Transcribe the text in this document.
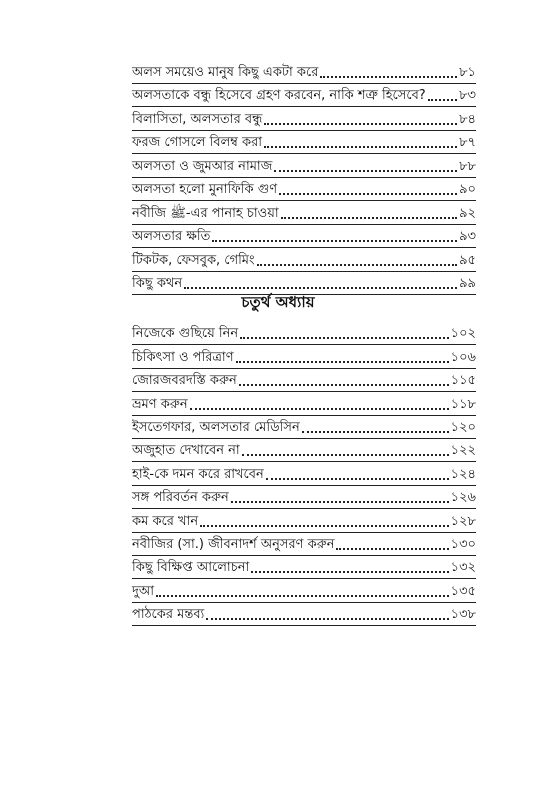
অলস সময়েও মানুষ কিছু একটা করে	৮১
অলসতাকে বন্ধু হিসেবে গ্রহণ করবেন, নাকি শত্রু হিসেবে?	৮৩
বিলাসিতা, অলসতার বন্ধু	৮৪
ফরজ গোসলে বিলম্ব করা	৮৭
অলসতা ও জুমআর নামাজ	৮৮
অলসতা হলো মুনাফিকি গুণ	৯০
নবীজি ﷺ-এর পানাহ চাওয়া	৯২
অলসতার ক্ষতি	৯৩
টিকটক, ফেসবুক, গেমিং	৯৫
কিছু কথন	৯৯
চতুর্থ অধ্যায়
নিজেকে গুছিয়ে নিন	১০২
চিকিৎসা ও পরিত্রাণ	১০৬
জোরজবরদস্তি করুন	১১৫
ভ্রমণ করুন	১১৮
ইসতেগফার, অলসতার মেডিসিন	১২০
অজুহাত দেখাবেন না	১২২
হাই-কে দমন করে রাখবেন	১২৪
সঙ্গ পরিবর্তন করুন	১২৬
কম করে খান	১২৮
নবীজির (সা.) জীবনাদর্শ অনুসরণ করুন	১৩০
কিছু বিক্ষিপ্ত আলোচনা	১৩২
দুআ	১৩৫
পাঠকের মন্তব্য	১৩৮
